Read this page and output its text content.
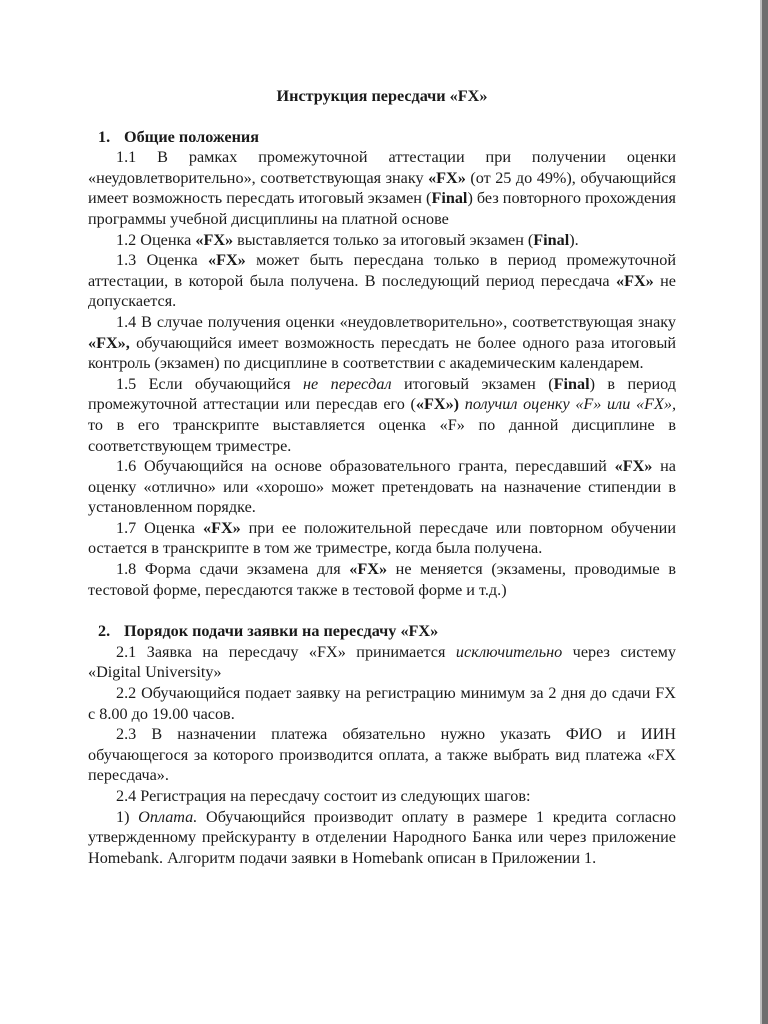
Инструкция пересдачи «FX»
1. Общие положения

1.1 В рамках промежуточной аттестации при получении оценки «неудовлетворительно», соответствующая знаку «FX» (от 25 до 49%), обучающийся имеет возможность пересдать итоговый экзамен (Final) без повторного прохождения программы учебной дисциплины на платной основе

1.2 Оценка «FX» выставляется только за итоговый экзамен (Final).

1.3 Оценка «FX» может быть пересдана только в период промежуточной аттестации, в которой была получена. В последующий период пересдача «FX» не допускается.

1.4 В случае получения оценки «неудовлетворительно», соответствующая знаку «FX», обучающийся имеет возможность пересдать не более одного раза итоговый контроль (экзамен) по дисциплине в соответствии с академическим календарем.

1.5 Если обучающийся не пересдал итоговый экзамен (Final) в период промежуточной аттестации или пересдав его («FX») получил оценку «F» или «FX», то в его транскрипте выставляется оценка «F» по данной дисциплине в соответствующем триместре.

1.6 Обучающийся на основе образовательного гранта, пересдавший «FX» на оценку «отлично» или «хорошо» может претендовать на назначение стипендии в установленном порядке.

1.7 Оценка «FX» при ее положительной пересдаче или повторном обучении остается в транскрипте в том же триместре, когда была получена.

1.8 Форма сдачи экзамена для «FX» не меняется (экзамены, проводимые в тестовой форме, пересдаются также в тестовой форме и т.д.)

2. Порядок подачи заявки на пересдачу «FX»

2.1 Заявка на пересдачу «FX» принимается исключительно через систему «Digital University»

2.2 Обучающийся подает заявку на регистрацию минимум за 2 дня до сдачи FX с 8.00 до 19.00 часов.

2.3 В назначении платежа обязательно нужно указать ФИО и ИИН обучающегося за которого производится оплата, а также выбрать вид платежа «FX пересдача».

2.4 Регистрация на пересдачу состоит из следующих шагов:

1) Оплата. Обучающийся производит оплату в размере 1 кредита согласно утвержденному прейскуранту в отделении Народного Банка или через приложение Homebank. Алгоритм подачи заявки в Homebank описан в Приложении 1.
